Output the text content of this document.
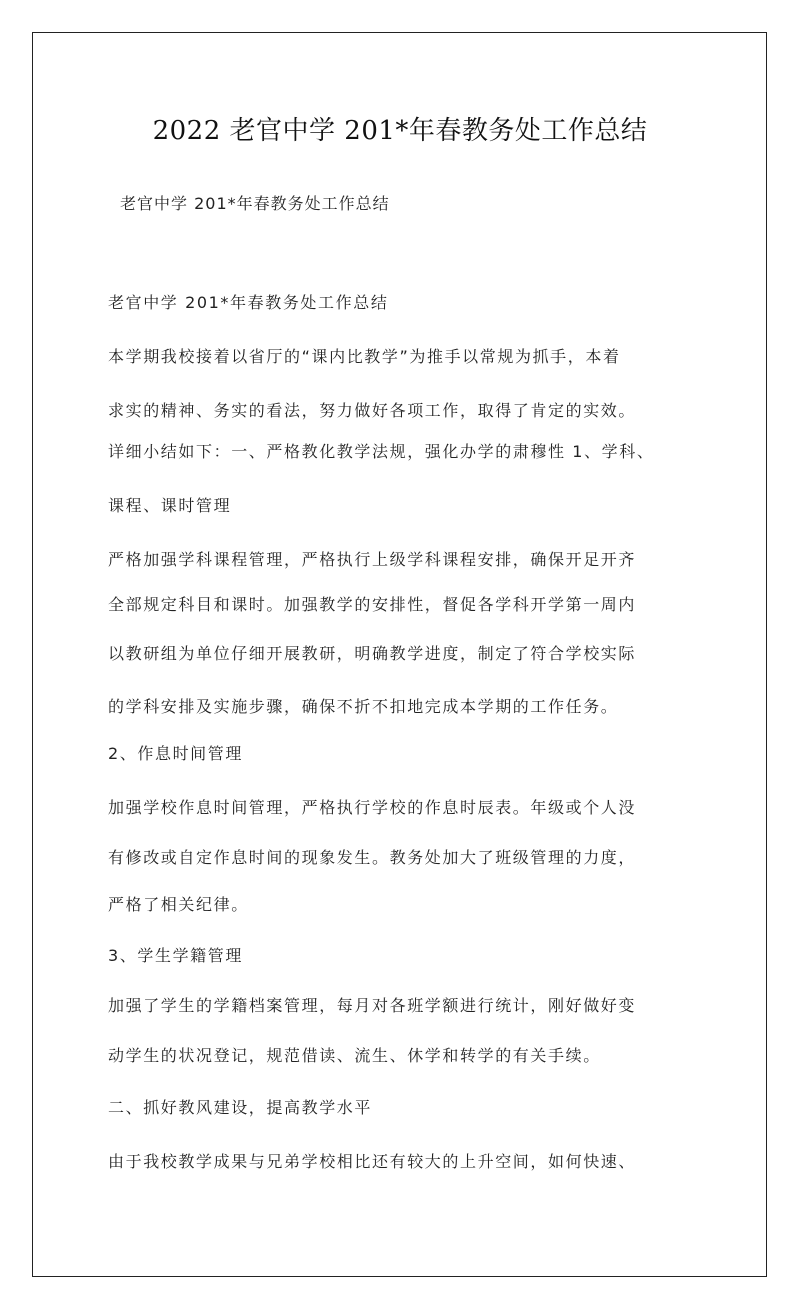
2022 老官中学 201*年春教务处工作总结
老官中学 201*年春教务处工作总结
老官中学 201*年春教务处工作总结
本学期我校接着以省厅的“课内比教学”为推手以常规为抓手，本着
求实的精神、务实的看法，努力做好各项工作，取得了肯定的实效。
详细小结如下：一、严格教化教学法规，强化办学的肃穆性 1、学科、
课程、课时管理
严格加强学科课程管理，严格执行上级学科课程安排，确保开足开齐
全部规定科目和课时。加强教学的安排性，督促各学科开学第一周内
以教研组为单位仔细开展教研，明确教学进度，制定了符合学校实际
的学科安排及实施步骤，确保不折不扣地完成本学期的工作任务。
2、作息时间管理
加强学校作息时间管理，严格执行学校的作息时辰表。年级或个人没
有修改或自定作息时间的现象发生。教务处加大了班级管理的力度，
严格了相关纪律。
3、学生学籍管理
加强了学生的学籍档案管理，每月对各班学额进行统计，刚好做好变
动学生的状况登记，规范借读、流生、休学和转学的有关手续。
二、抓好教风建设，提高教学水平
由于我校教学成果与兄弟学校相比还有较大的上升空间，如何快速、
